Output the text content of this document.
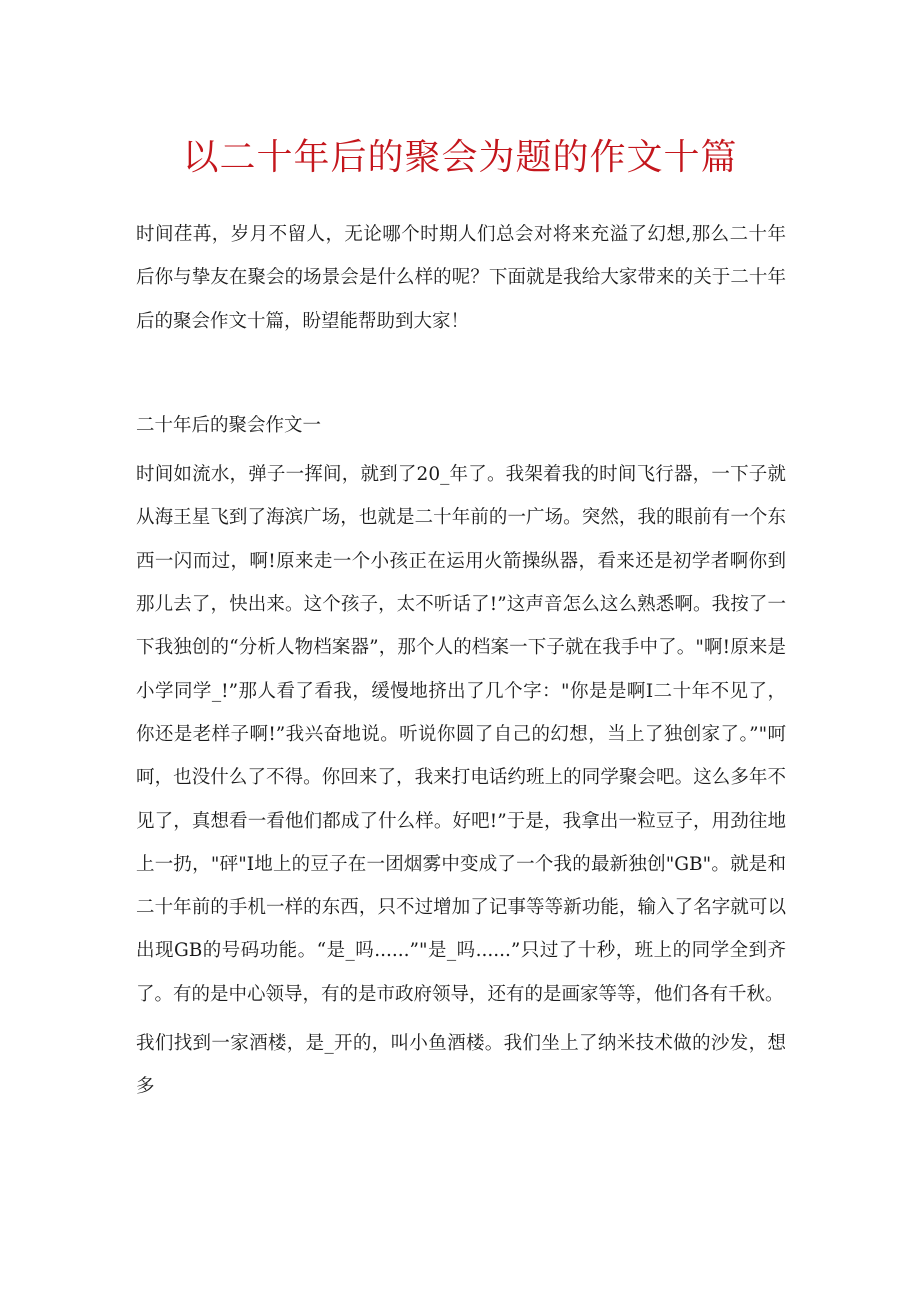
以二十年后的聚会为题的作文十篇

时间荏苒，岁月不留人，无论哪个时期人们总会对将来充溢了幻想,那么二十年后你与挚友在聚会的场景会是什么样的呢？下面就是我给大家带来的关于二十年后的聚会作文十篇，盼望能帮助到大家！

二十年后的聚会作文一

时间如流水，弹子一挥间，就到了20_年了。我架着我的时间飞行器，一下子就从海王星飞到了海滨广场，也就是二十年前的一广场。突然，我的眼前有一个东西一闪而过，啊!原来走一个小孩正在运用火箭操纵器，看来还是初学者啊你到那儿去了，快出来。这个孩子，太不听话了!”这声音怎么这么熟悉啊。我按了一下我独创的“分析人物档案器”，那个人的档案一下子就在我手中了。"啊!原来是小学同学_!”那人看了看我，缓慢地挤出了几个字："你是是啊I二十年不见了，你还是老样子啊!”我兴奋地说。听说你圆了自己的幻想，当上了独创家了。”"呵呵，也没什么了不得。你回来了，我来打电话约班上的同学聚会吧。这么多年不见了，真想看一看他们都成了什么样。好吧!”于是，我拿出一粒豆子，用劲往地上一扔，"砰"I地上的豆子在一团烟雾中变成了一个我的最新独创"GB"。就是和二十年前的手机一样的东西，只不过增加了记事等等新功能，输入了名字就可以出现GB的号码功能。“是_吗......”"是_吗......”只过了十秒，班上的同学全到齐了。有的是中心领导，有的是市政府领导，还有的是画家等等，他们各有千秋。

我们找到一家酒楼，是_开的，叫小鱼酒楼。我们坐上了纳米技术做的沙发，想多
